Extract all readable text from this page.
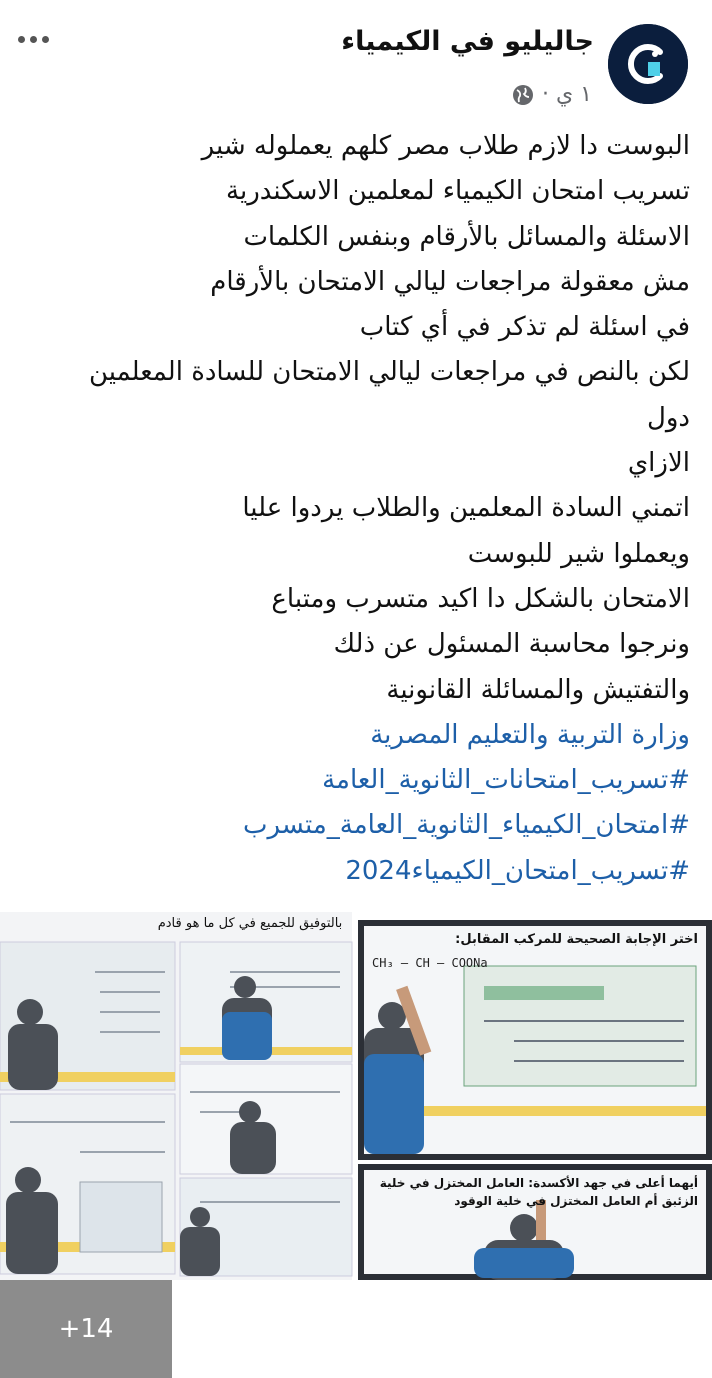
جاليليو في الكيمياء
١ ي ·
البوست دا لازم طلاب مصر كلهم يعملوله شير
تسريب امتحان الكيمياء لمعلمين الاسكندرية
الاسئلة والمسائل بالأرقام وبنفس الكلمات
مش معقولة مراجعات ليالي الامتحان بالأرقام
في اسئلة لم تذكر في أي كتاب
لكن بالنص في مراجعات ليالي الامتحان للسادة المعلمين
دول
الازاي
اتمني السادة المعلمين والطلاب يردوا عليا
ويعملوا شير للبوست
الامتحان بالشكل دا اكيد متسرب ومتباع
ونرجوا محاسبة المسئول عن ذلك
والتفتيش والمسائلة القانونية
وزارة التربية والتعليم المصرية
#تسريب_امتحانات_الثانوية_العامة
#امتحان_الكيمياء_الثانوية_العامة_متسرب
#تسريب_امتحان_الكيمياء2024
بالتوفيق للجميع في كل ما هو قادم
+14
اختر الإجابة الصحيحة للمركب المقابل:
CH₃ – CH – COONa
أيهما أعلى في جهد الأكسدة: العامل المختزل في خلية الزئبق أم العامل المختزل في خلية الوقود
